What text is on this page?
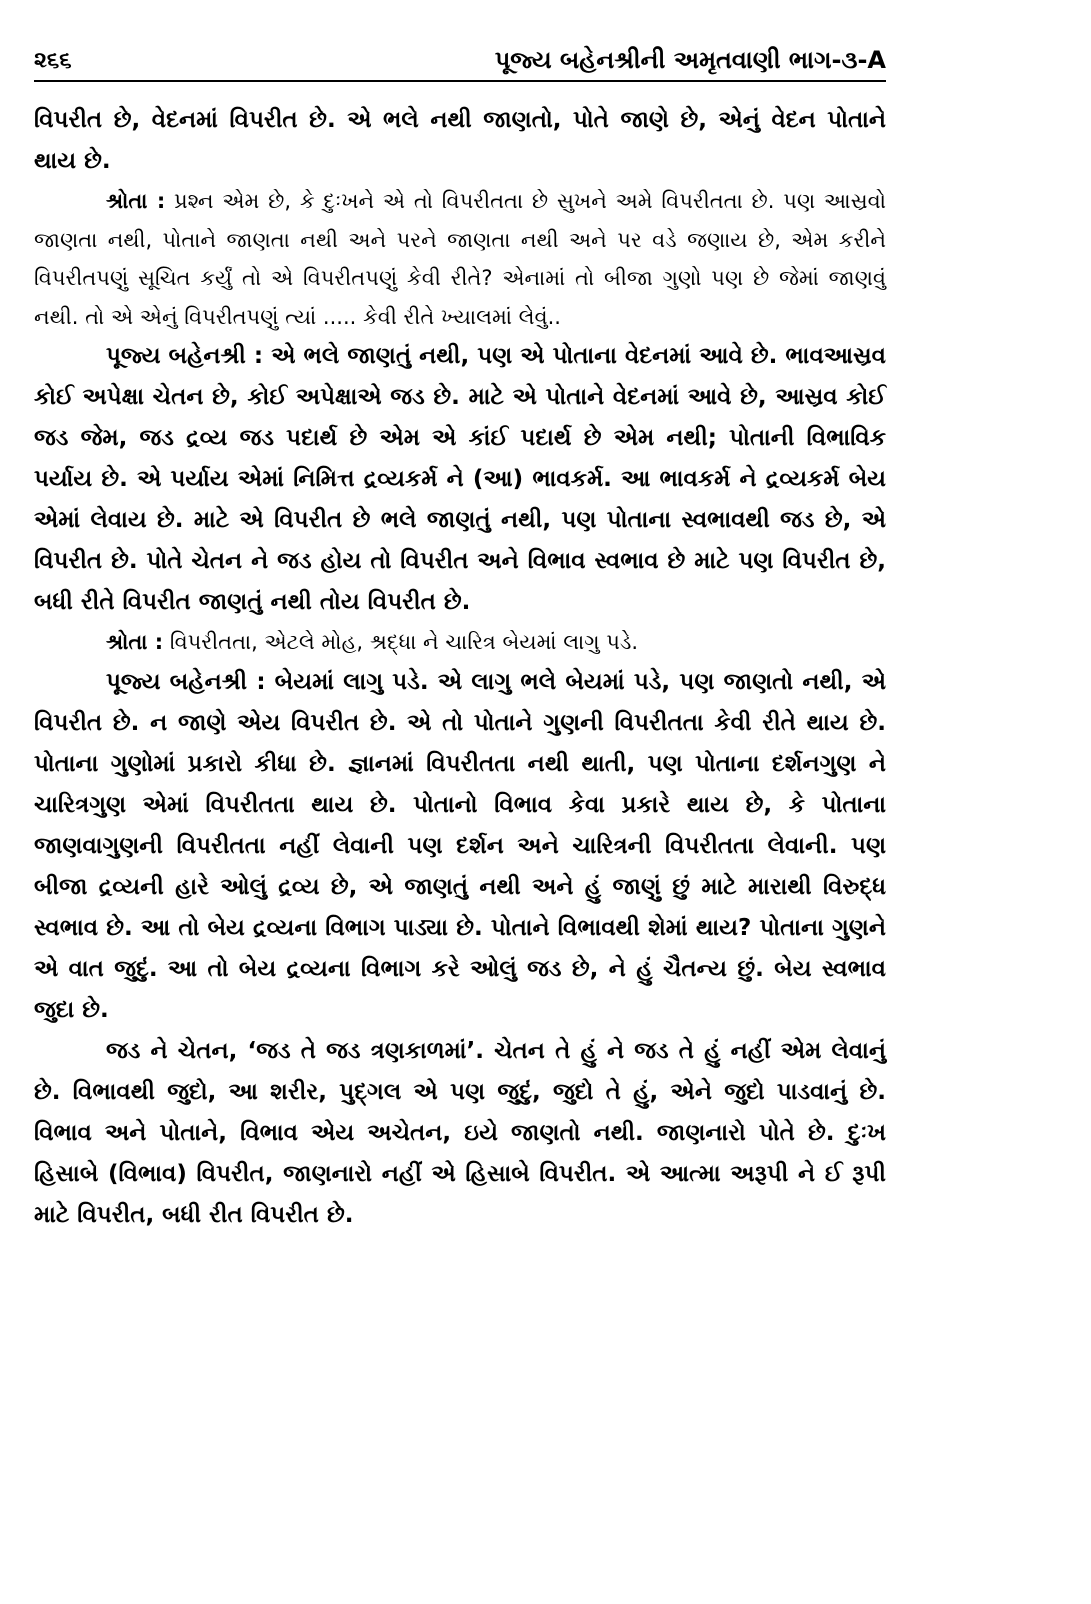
૨૬૬	પૂજ્ય બહેનશ્રીની અમૃતવાણી ભાગ-૩-A

વિપરીત છે, વેદનમાં વિપરીત છે. એ ભલે નથી જાણતો, પોતે જાણે છે, એનું વેદન પોતાને થાય છે.

શ્રોતા : પ્રશ્ન એમ છે, કે દુઃખને એ તો વિપરીતતા છે સુખને અમે વિપરીતતા છે. પણ આસ્રવો જાણતા નથી, પોતાને જાણતા નથી અને પરને જાણતા નથી અને પર વડે જણાય છે, એમ કરીને વિપરીતપણું સૂચિત કર્યું તો એ વિપરીતપણું કેવી રીતે? એનામાં તો બીજા ગુણો પણ છે જેમાં જાણવું નથી. તો એ એનું વિપરીતપણું ત્યાં ..... કેવી રીતે ખ્યાલમાં લેવું..

પૂજ્ય બહેનશ્રી : એ ભલે જાણતું નથી, પણ એ પોતાના વેદનમાં આવે છે. ભાવઆસ્રવ કોઈ અપેક્ષા ચેતન છે, કોઈ અપેક્ષાએ જડ છે. માટે એ પોતાને વેદનમાં આવે છે, આસ્રવ કોઈ જડ જેમ, જડ દ્રવ્ય જડ પદાર્થ છે એમ એ કાંઈ પદાર્થ છે એમ નથી; પોતાની વિભાવિક પર્યાય છે. એ પર્યાય એમાં નિમિત્ત દ્રવ્યકર્મ ને (આ) ભાવકર્મ. આ ભાવકર્મ ને દ્રવ્યકર્મ બેય એમાં લેવાય છે. માટે એ વિપરીત છે ભલે જાણતું નથી, પણ પોતાના સ્વભાવથી જડ છે, એ વિપરીત છે. પોતે ચેતન ને જડ હોય તો વિપરીત અને વિભાવ સ્વભાવ છે માટે પણ વિપરીત છે, બધી રીતે વિપરીત જાણતું નથી તોય વિપરીત છે.

શ્રોતા : વિપરીતતા, એટલે મોહ, શ્રદ્ધા ને ચારિત્ર બેયમાં લાગુ પડે.

પૂજ્ય બહેનશ્રી : બેયમાં લાગુ પડે. એ લાગુ ભલે બેયમાં પડે, પણ જાણતો નથી, એ વિપરીત છે. ન જાણે એય વિપરીત છે. એ તો પોતાને ગુણની વિપરીતતા કેવી રીતે થાય છે. પોતાના ગુણોમાં પ્રકારો કીધા છે. જ્ઞાનમાં વિપરીતતા નથી થાતી, પણ પોતાના દર્શનગુણ ને ચારિત્રગુણ એમાં વિપરીતતા થાય છે. પોતાનો વિભાવ કેવા પ્રકારે થાય છે, કે પોતાના જાણવાગુણની વિપરીતતા નહીં લેવાની પણ દર્શન અને ચારિત્રની વિપરીતતા લેવાની. પણ બીજા દ્રવ્યની હારે ઓલું દ્રવ્ય છે, એ જાણતું નથી અને હું જાણું છું માટે મારાથી વિરુદ્ધ સ્વભાવ છે. આ તો બેય દ્રવ્યના વિભાગ પાડ્યા છે. પોતાને વિભાવથી શેમાં થાય? પોતાના ગુણને એ વાત જુદું. આ તો બેય દ્રવ્યના વિભાગ કરે ઓલું જડ છે, ને હું ચૈતન્ય છું. બેય સ્વભાવ જુદા છે.

જડ ને ચેતન, ‘જડ તે જડ ત્રણકાળમાં’. ચેતન તે હું ને જડ તે હું નહીં એમ લેવાનું છે. વિભાવથી જુદો, આ શરીર, પુદ્ગલ એ પણ જુદું, જુદો તે હું, એને જુદો પાડવાનું છે. વિભાવ અને પોતાને, વિભાવ એય અચેતન, ઇયે જાણતો નથી. જાણનારો પોતે છે. દુઃખ હિસાબે (વિભાવ) વિપરીત, જાણનારો નહીં એ હિસાબે વિપરીત. એ આત્મા અરૂપી ને ઈ રૂપી માટે વિપરીત, બધી રીત વિપરીત છે.
